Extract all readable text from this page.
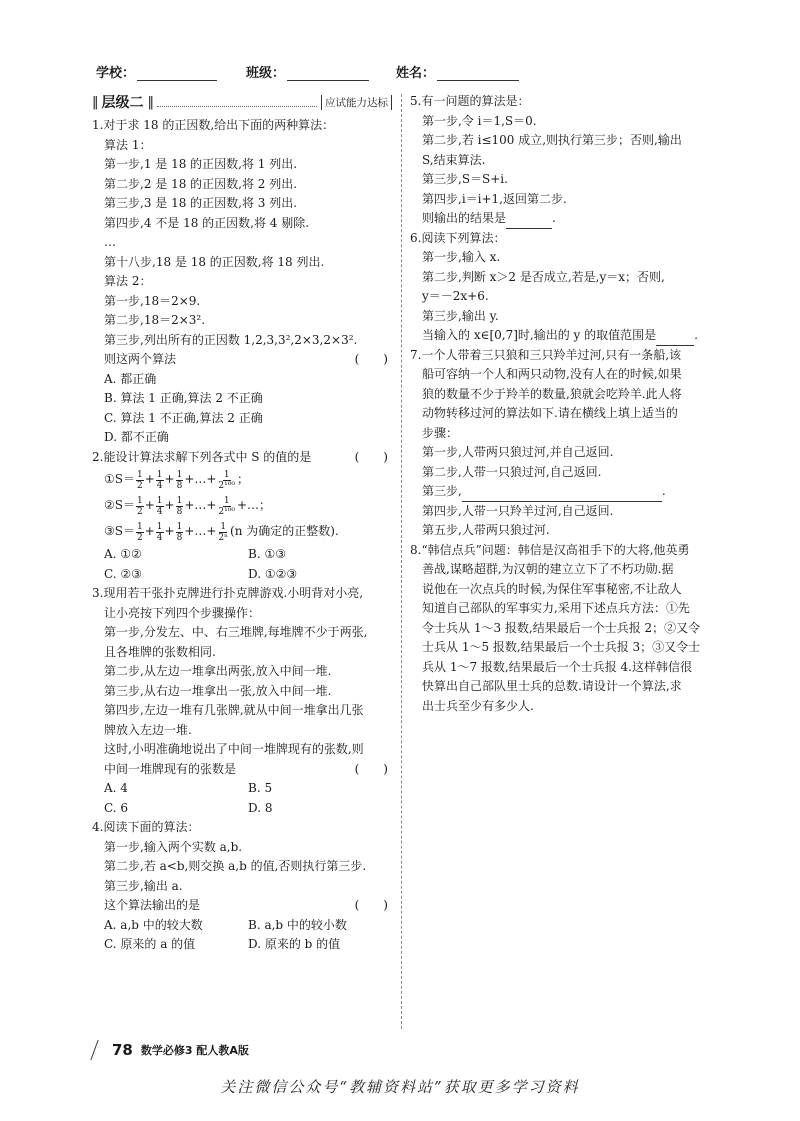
学校：	班级：	姓名：
‖ 层级二 ‖	应试能力达标
1.对于求 18 的正因数,给出下面的两种算法：
算法 1：
第一步,1 是 18 的正因数,将 1 列出.
第二步,2 是 18 的正因数,将 2 列出.
第三步,3 是 18 的正因数,将 3 列出.
第四步,4 不是 18 的正因数,将 4 剔除.
…
第十八步,18 是 18 的正因数,将 18 列出.
算法 2：
第一步,18＝2×9.
第二步,18＝2×3².
第三步,列出所有的正因数 1,2,3,3²,2×3,2×3².
则这两个算法	(　　)
A. 都正确
B. 算法 1 正确,算法 2 不正确
C. 算法 1 不正确,算法 2 正确
D. 都不正确
2.能设计算法求解下列各式中 S 的值的是	(　　)
①S＝ $\frac{1}{2} + \frac{1}{4} + \frac{1}{8}$ +…+ $\frac{1}{\text{2¹⁰⁰}}$ ；
②S＝ $\frac{1}{2} + \frac{1}{4} + \frac{1}{8}$ +…+ $\frac{1}{\text{2¹⁰⁰}}$ +…；
③S＝ $\frac{1}{2} + \frac{1}{4} + \frac{1}{8}$ +…+ $\frac{1}{\text{2ⁿ}} (n$ 为确定的正整数).
A. ①②	B. ①③
C. ②③	D. ①②③
3.现用若干张扑克牌进行扑克牌游戏.小明背对小亮,
让小亮按下列四个步骤操作：
第一步,分发左、中、右三堆牌,每堆牌不少于两张,
且各堆牌的张数相同.
第二步,从左边一堆拿出两张,放入中间一堆.
第三步,从右边一堆拿出一张,放入中间一堆.
第四步,左边一堆有几张牌,就从中间一堆拿出几张
牌放入左边一堆.
这时,小明准确地说出了中间一堆牌现有的张数,则
中间一堆牌现有的张数是	(　　)
A. 4	B. 5
C. 6	D. 8
4.阅读下面的算法：
第一步,输入两个实数 a,b.
第二步,若 a<b,则交换 a,b 的值,否则执行第三步.
第三步,输出 a.
这个算法输出的是	(　　)
A. a,b 中的较大数	B. a,b 中的较小数
C. 原来的 a 的值	D. 原来的 b 的值
5.有一问题的算法是：
第一步,令 i＝1,S＝0.
第二步,若 i≤100 成立,则执行第三步；否则,输出
S,结束算法.
第三步,S＝S+i.
第四步,i＝i+1,返回第二步.
则输出的结果是	.
6.阅读下列算法：
第一步,输入 x.
第二步,判断 x＞2 是否成立,若是,y＝x；否则,
y＝－2x+6.
第三步,输出 y.
当输入的 x∈[0,7]时,输出的 y 的取值范围是	.
7.一个人带着三只狼和三只羚羊过河,只有一条船,该
船可容纳一个人和两只动物,没有人在的时候,如果
狼的数量不少于羚羊的数量,狼就会吃羚羊.此人将
动物转移过河的算法如下.请在横线上填上适当的
步骤：
第一步,人带两只狼过河,并自己返回.
第二步,人带一只狼过河,自己返回.
第三步,	.
第四步,人带一只羚羊过河,自己返回.
第五步,人带两只狼过河.
8.“韩信点兵”问题：韩信是汉高祖手下的大将,他英勇
善战,谋略超群,为汉朝的建立立下了不朽功勋.据
说他在一次点兵的时候,为保住军事秘密,不让敌人
知道自己部队的军事实力,采用下述点兵方法：①先
令士兵从 1～3 报数,结果最后一个士兵报 2；②又令
士兵从 1～5 报数,结果最后一个士兵报 3；③又令士
兵从 1～7 报数,结果最后一个士兵报 4.这样韩信很
快算出自己部队里士兵的总数.请设计一个算法,求
出士兵至少有多少人.
78 数学必修3 配人教A版
关注微信公众号“教辅资料站”获取更多学习资料
